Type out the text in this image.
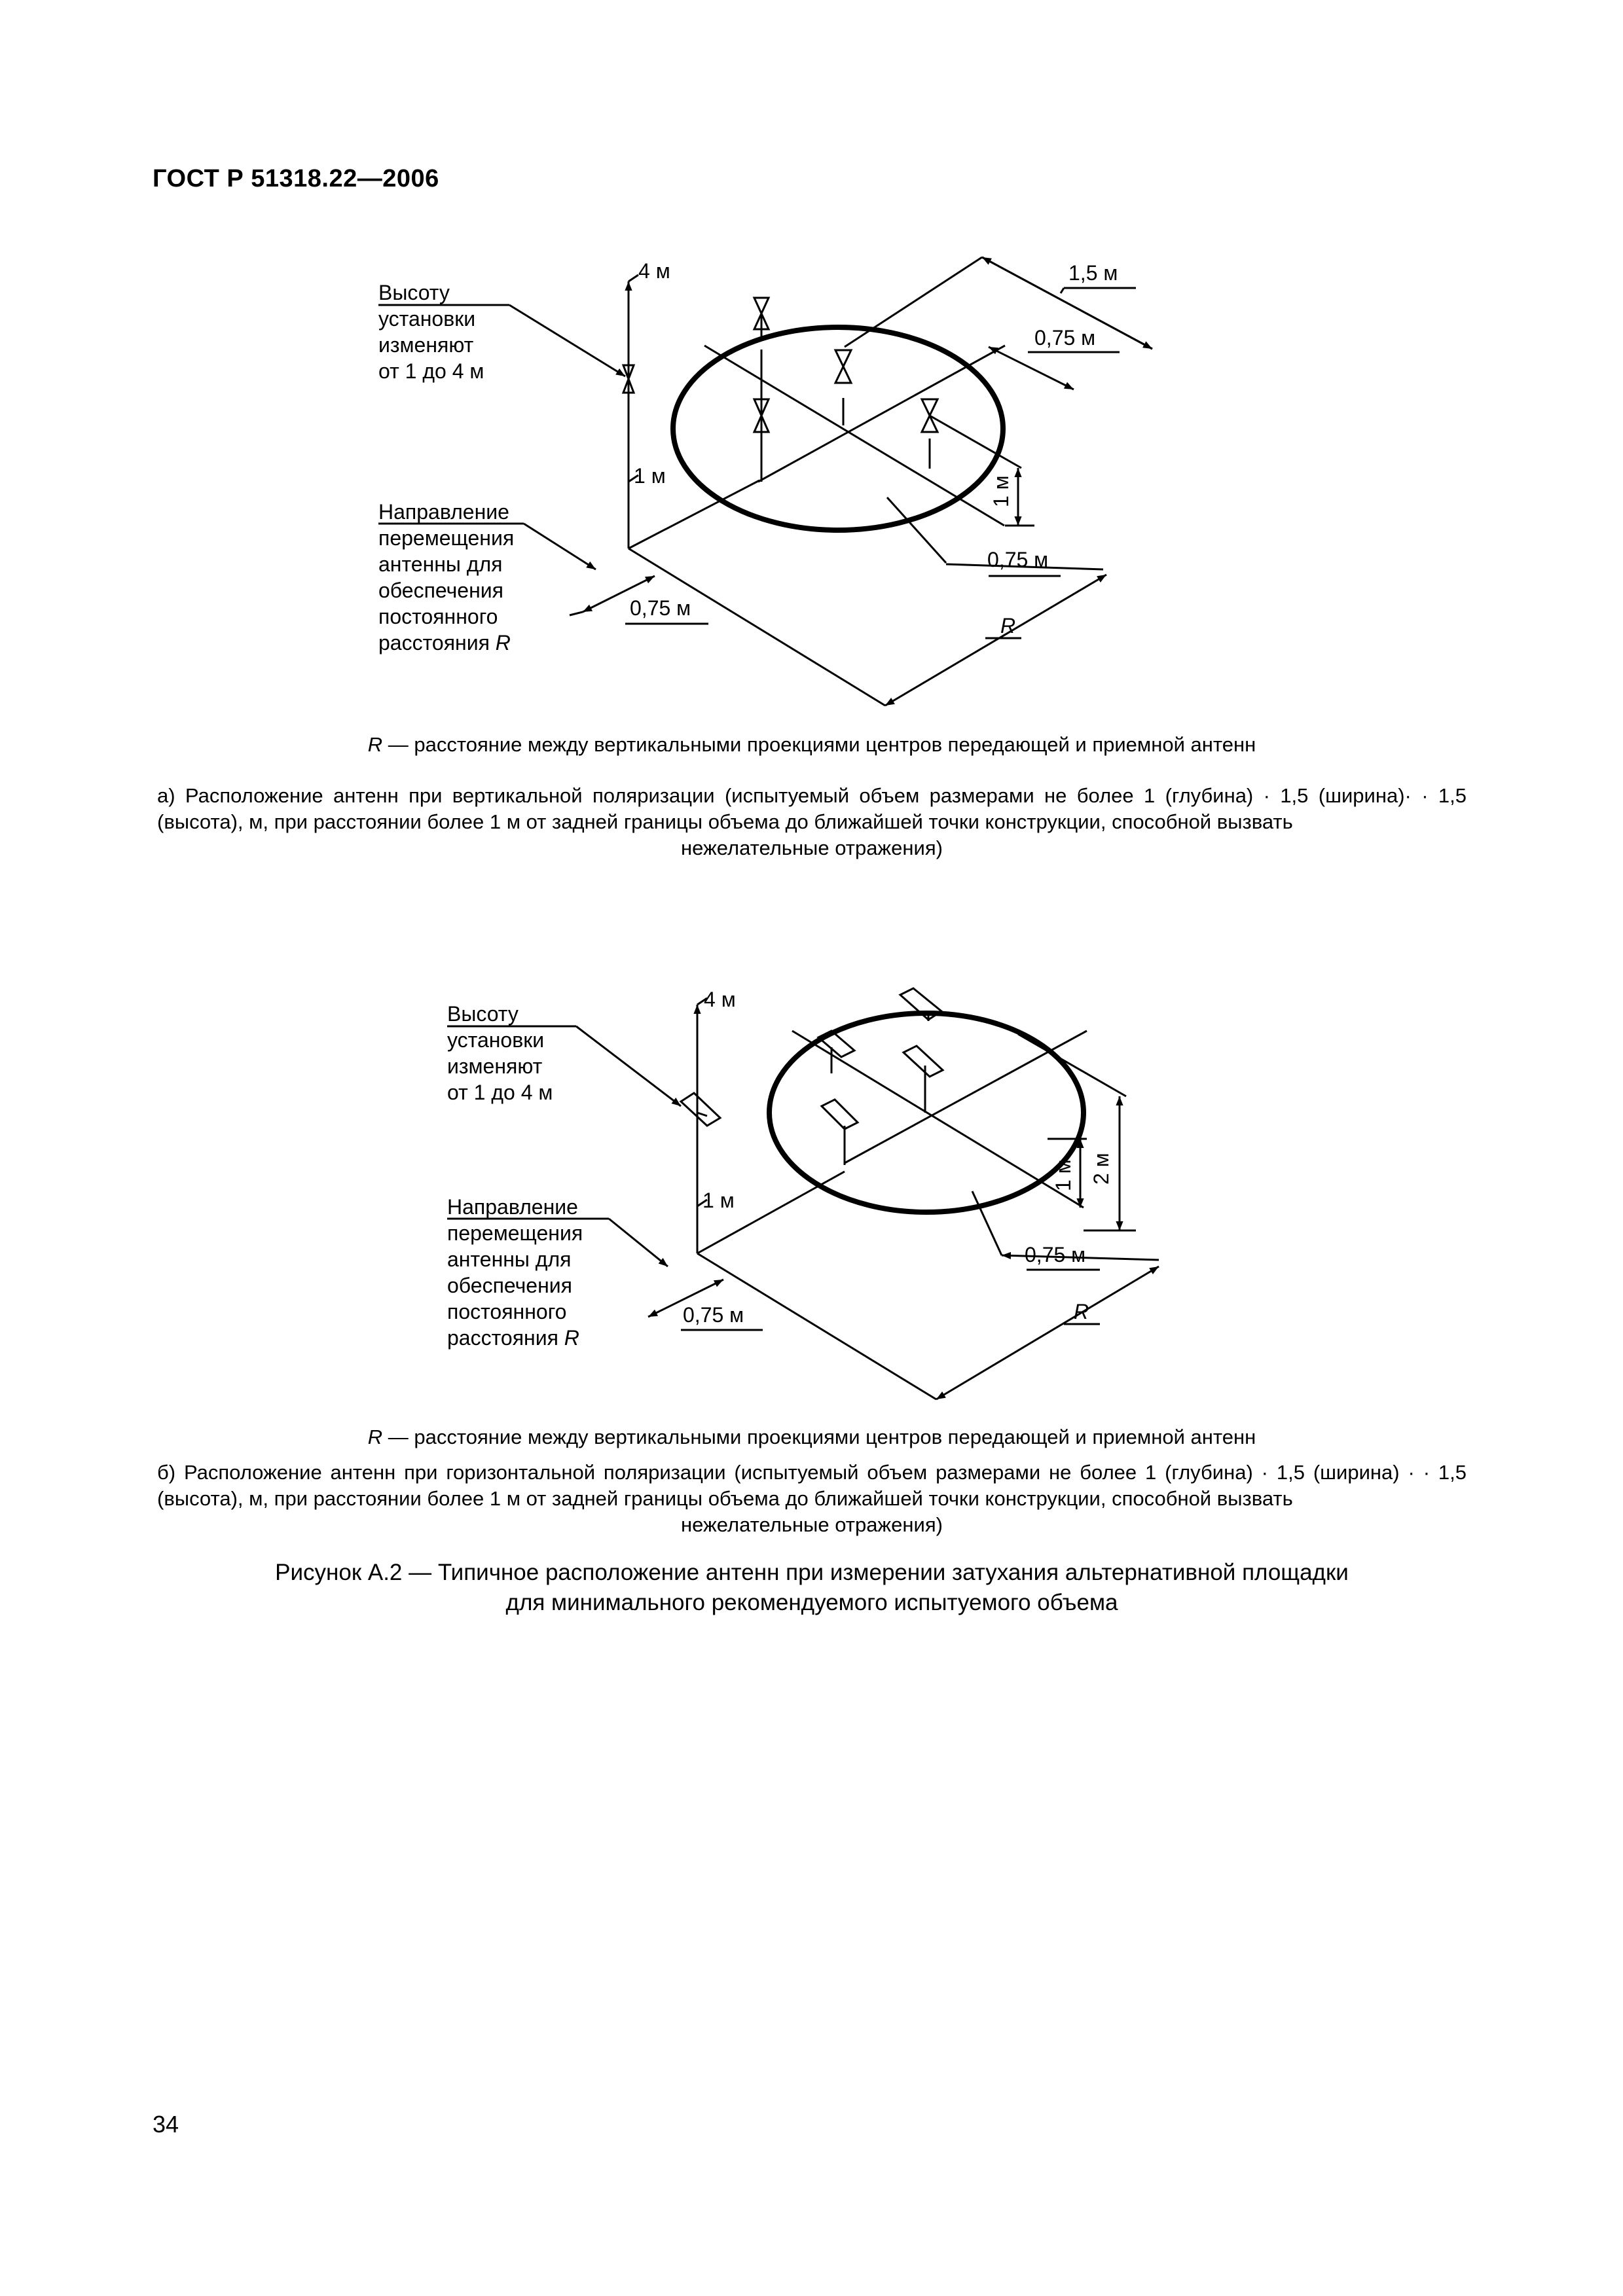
ГОСТ Р 51318.22—2006
Высоту
установки
изменяют
от 1 до 4 м
Направление
перемещения
антенны для
обеспечения
постоянного
расстояния R
4 м
1 м
1,5 м
0,75 м
0,75 м
0,75 м
R
1 м
R — расстояние между вертикальными проекциями центров передающей и приемной антенн
а) Расположение антенн при вертикальной поляризации (испытуемый объем размерами не более 1 (глубина) · 1,5 (ширина)· · 1,5 (высота), м, при расстоянии более 1 м от задней границы объема до ближайшей точки конструкции, способной вызвать
нежелательные отражения)
Высоту
установки
изменяют
от 1 до 4 м
Направление
перемещения
антенны для
обеспечения
постоянного
расстояния R
4 м
1 м
0,75 м
0,75 м	R
1 м 2 м
R — расстояние между вертикальными проекциями центров передающей и приемной антенн
б) Расположение антенн при горизонтальной поляризации (испытуемый объем размерами не более 1 (глубина) · 1,5 (ширина) · · 1,5 (высота), м, при расстоянии более 1 м от задней границы объема до ближайшей точки конструкции, способной вызвать
нежелательные отражения)
Рисунок А.2 — Типичное расположение антенн при измерении затухания альтернативной площадки
для минимального рекомендуемого испытуемого объема
34
